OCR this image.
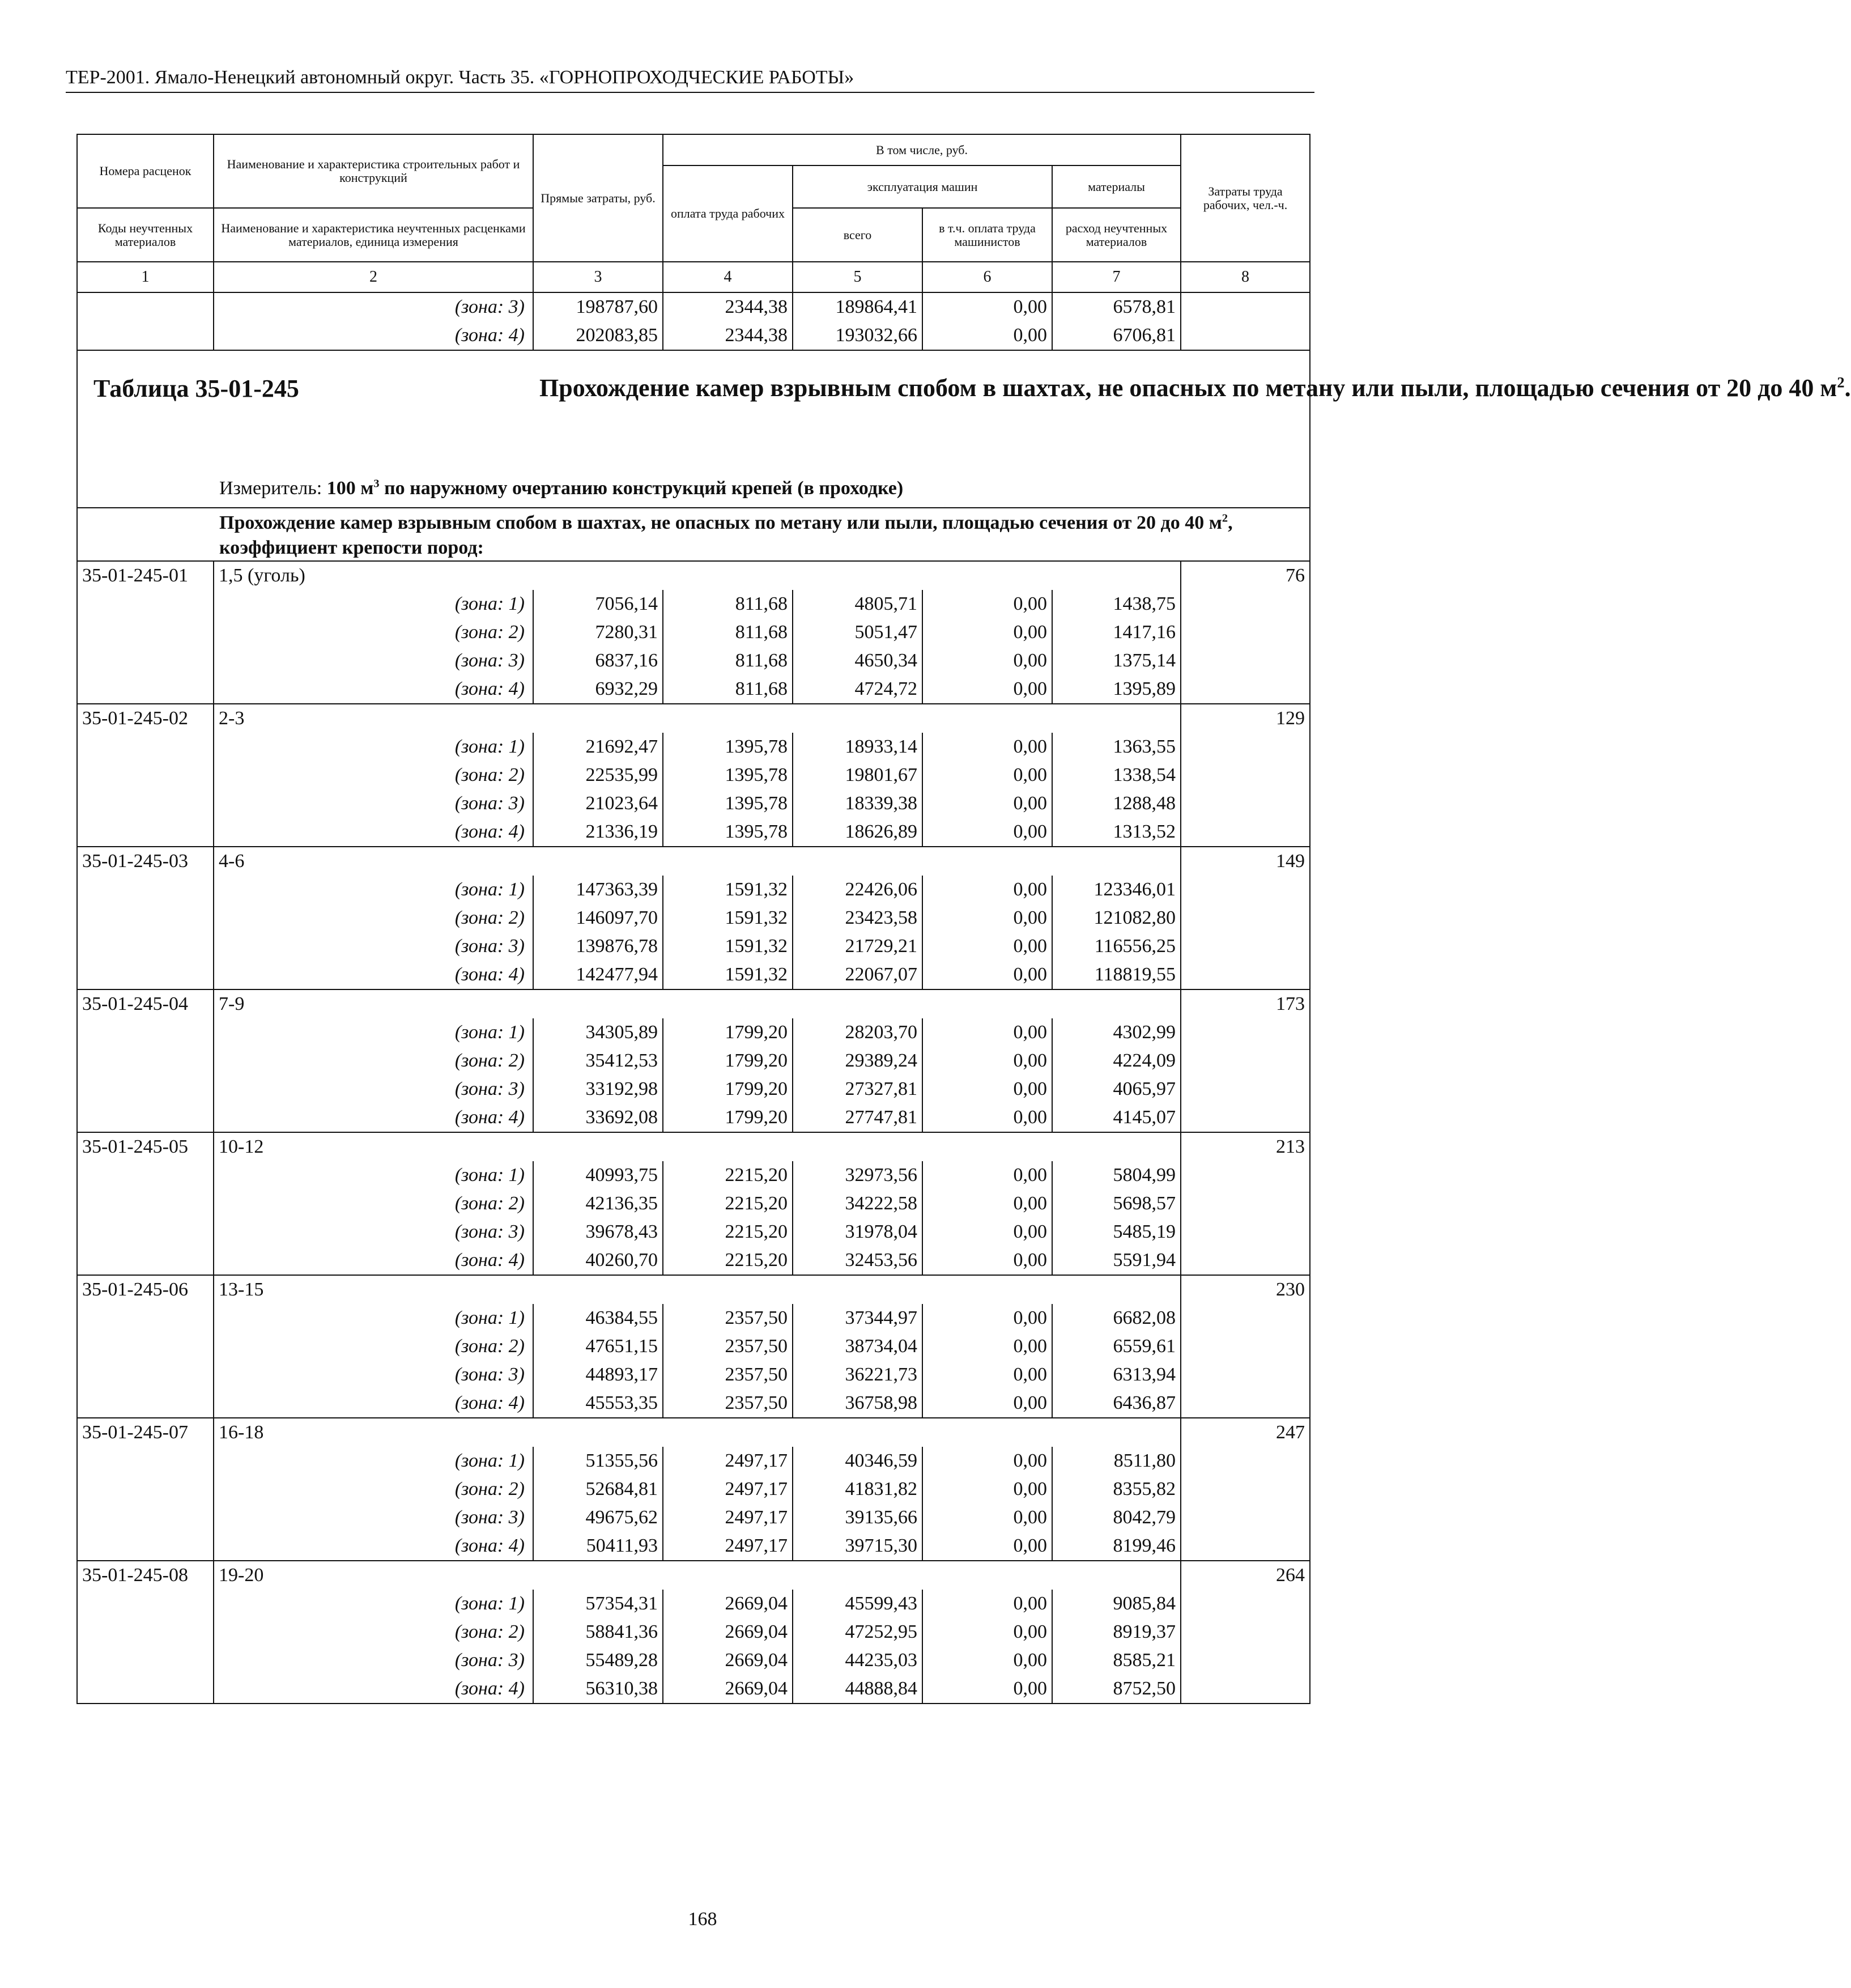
ТЕР-2001. Ямало-Ненецкий автономный округ. Часть 35. «ГОРНОПРОХОДЧЕСКИЕ РАБОТЫ»
Номера расценок	Наименование и характеристика строительных работ и конструкций	Прямые затраты, руб.	В том числе, руб.				Затраты труда рабочих, чел.-ч.
			оплата труда рабочих	эксплуатация машин		материалы	
Коды неучтенных материалов	Наименование и характеристика неучтенных расценками материалов, единица измерения			всего	в т.ч. оплата труда машинистов	расход неучтенных материалов	
1	2	3	4	5	6	7	8
	(зона: 3)	198787,60	2344,38	189864,41	0,00	6578,81	
	(зона: 4)	202083,85	2344,38	193032,66	0,00	6706,81	

Таблица 35-01-245 Прохождение камер взрывным спобом в шахтах, не опасных по метану или пыли, площадью сечения от 20 до 40 $м^2$.
Измеритель: 100 $м^3$ по наружному очертанию конструкций крепей (в проходке)							

Прохождение камер взрывным спобом в шахтах, не опасных по метану или пыли, площадью сечения от 20 до 40 $м^2$, коэффициент крепости пород:							

35-01-245-01	1,5 (уголь)						76
	(зона: 1)	7056,14	811,68	4805,71	0,00	1438,75	
	(зона: 2)	7280,31	811,68	5051,47	0,00	1417,16	
	(зона: 3)	6837,16	811,68	4650,34	0,00	1375,14	
	(зона: 4)	6932,29	811,68	4724,72	0,00	1395,89	
35-01-245-02	2-3						129
	(зона: 1)	21692,47	1395,78	18933,14	0,00	1363,55	
	(зона: 2)	22535,99	1395,78	19801,67	0,00	1338,54	
	(зона: 3)	21023,64	1395,78	18339,38	0,00	1288,48	
	(зона: 4)	21336,19	1395,78	18626,89	0,00	1313,52	
35-01-245-03	4-6						149
	(зона: 1)	147363,39	1591,32	22426,06	0,00	123346,01	
	(зона: 2)	146097,70	1591,32	23423,58	0,00	121082,80	
	(зона: 3)	139876,78	1591,32	21729,21	0,00	116556,25	
	(зона: 4)	142477,94	1591,32	22067,07	0,00	118819,55	
35-01-245-04	7-9						173
	(зона: 1)	34305,89	1799,20	28203,70	0,00	4302,99	
	(зона: 2)	35412,53	1799,20	29389,24	0,00	4224,09	
	(зона: 3)	33192,98	1799,20	27327,81	0,00	4065,97	
	(зона: 4)	33692,08	1799,20	27747,81	0,00	4145,07	
35-01-245-05	10-12						213
	(зона: 1)	40993,75	2215,20	32973,56	0,00	5804,99	
	(зона: 2)	42136,35	2215,20	34222,58	0,00	5698,57	
	(зона: 3)	39678,43	2215,20	31978,04	0,00	5485,19	
	(зона: 4)	40260,70	2215,20	32453,56	0,00	5591,94	
35-01-245-06	13-15						230
	(зона: 1)	46384,55	2357,50	37344,97	0,00	6682,08	
	(зона: 2)	47651,15	2357,50	38734,04	0,00	6559,61	
	(зона: 3)	44893,17	2357,50	36221,73	0,00	6313,94	
	(зона: 4)	45553,35	2357,50	36758,98	0,00	6436,87	
35-01-245-07	16-18						247
	(зона: 1)	51355,56	2497,17	40346,59	0,00	8511,80	
	(зона: 2)	52684,81	2497,17	41831,82	0,00	8355,82	
	(зона: 3)	49675,62	2497,17	39135,66	0,00	8042,79	
	(зона: 4)	50411,93	2497,17	39715,30	0,00	8199,46	
35-01-245-08	19-20						264
	(зона: 1)	57354,31	2669,04	45599,43	0,00	9085,84	
	(зона: 2)	58841,36	2669,04	47252,95	0,00	8919,37	
	(зона: 3)	55489,28	2669,04	44235,03	0,00	8585,21	
	(зона: 4)	56310,38	2669,04	44888,84	0,00	8752,50	
168
